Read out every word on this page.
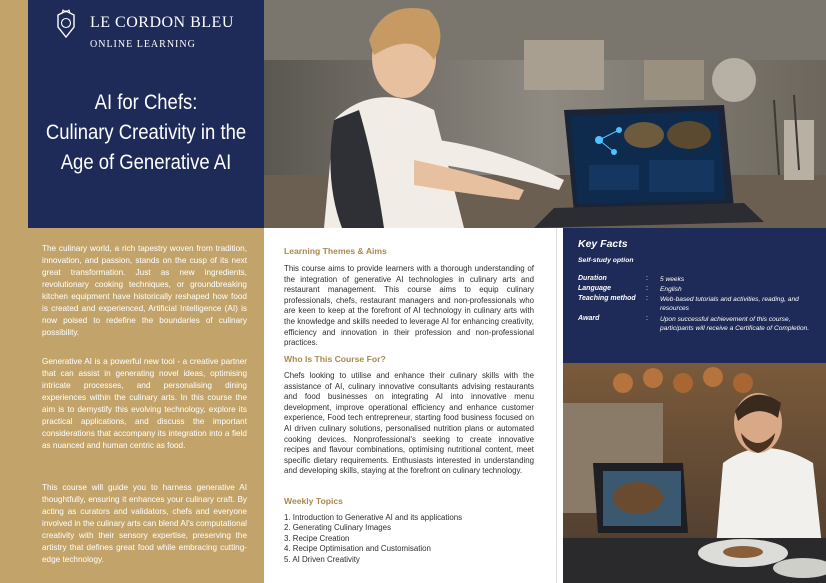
LE CORDON BLEU
ONLINE LEARNING
AI for Chefs:
Culinary Creativity in the
Age of Generative AI
The culinary world, a rich tapestry woven from tradition, innovation, and passion, stands on the cusp of its next great transformation. Just as new ingredients, revolutionary cooking techniques, or groundbreaking kitchen equipment have historically reshaped how food is created and experienced, Artificial Intelligence (AI) is now poised to redefine the boundaries of culinary possibility.
Generative AI is a powerful new tool - a creative partner that can assist in generating novel ideas, optimising intricate processes, and personalising dining experiences within the culinary arts. In this course the aim is to demystify this evolving technology, explore its practical applications, and discuss the important considerations that accompany its integration into a field as nuanced and human centric as food.
This course will guide you to harness generative AI thoughtfully, ensuring it enhances your culinary craft. By acting as curators and validators, chefs and everyone involved in the culinary arts can blend AI's computational creativity with their sensory expertise, preserving the artistry that defines great food while embracing cutting-edge technology.
Learning Themes & Aims
This course aims to provide learners with a thorough understanding of the integration of generative AI technologies in culinary arts and restaurant management. This course aims to equip culinary professionals, chefs, restaurant managers and non-professionals who are keen to keep at the forefront of AI technology in culinary arts with the knowledge and skills needed to leverage AI for enhancing creativity, efficiency and innovation in their profession and non-professional practices.
Who Is This Course For?
Chefs looking to utilise and enhance their culinary skills with the assistance of AI, culinary innovative consultants advising restaurants and food businesses on integrating AI into innovative menu development, improve operational efficiency and enhance customer experience, Food tech entrepreneur, starting food business focused on AI driven culinary solutions, personalised nutrition plans or automated cooking devices. Nonprofessional's seeking to create innovative recipes and flavour combinations, optimising nutritional content, meet specific dietary requirements. Enthusiasts interested in understanding and developing skills, staying at the forefront on culinary technology.
Weekly Topics
1. Introduction to Generative AI and its applications
2. Generating Culinary Images
3. Recipe Creation
4. Recipe Optimisation and Customisation
5. AI Driven Creativity
Key Facts
Self-study option
Duration	: 5 weeks
Language	: English
Teaching method : Web-based tutorials and activities, reading, and resources
Award	: Upon successful achievement of this course, participants will receive a Certificate of Completion.
